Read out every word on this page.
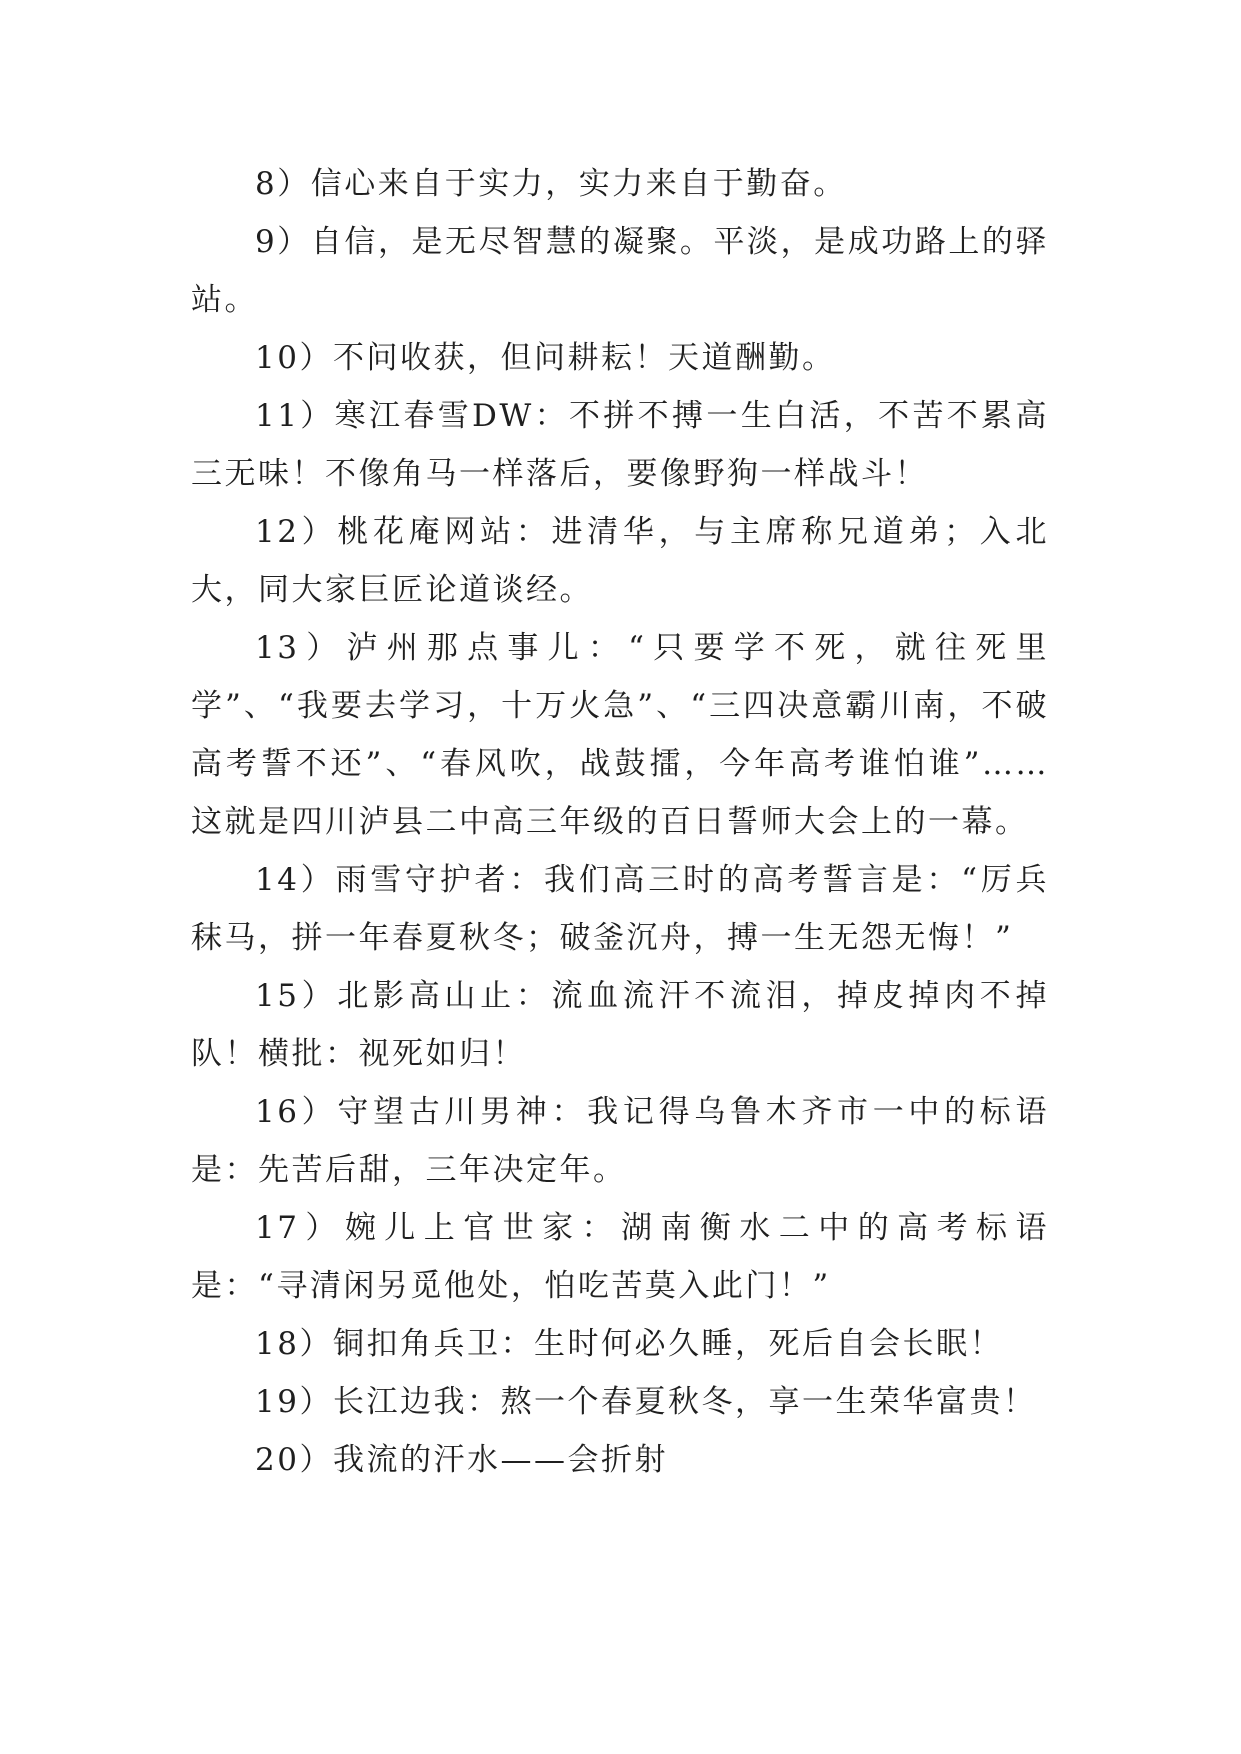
8）信心来自于实力，实力来自于勤奋。

9）自信，是无尽智慧的凝聚。平淡，是成功路上的驿站。

10）不问收获，但问耕耘！天道酬勤。

11）寒江春雪DW：不拼不搏一生白活，不苦不累高三无味！不像角马一样落后，要像野狗一样战斗！

12）桃花庵网站：进清华，与主席称兄道弟；入北大，同大家巨匠论道谈经。

13）泸州那点事儿：“只要学不死，就往死里学”、“我要去学习，十万火急”、“三四决意霸川南，不破高考誓不还”、“春风吹，战鼓擂，今年高考谁怕谁”……这就是四川泸县二中高三年级的百日誓师大会上的一幕。

14）雨雪守护者：我们高三时的高考誓言是：“厉兵秣马，拼一年春夏秋冬；破釜沉舟，搏一生无怨无悔！”

15）北影高山止：流血流汗不流泪，掉皮掉肉不掉队！横批：视死如归！

16）守望古川男神：我记得乌鲁木齐市一中的标语是：先苦后甜，三年决定年。

17）婉儿上官世家：湖南衡水二中的高考标语是：“寻清闲另觅他处，怕吃苦莫入此门！”

18）铜扣角兵卫：生时何必久睡，死后自会长眠！

19）长江边我：熬一个春夏秋冬，享一生荣华富贵！

20）我流的汗水——会折射
